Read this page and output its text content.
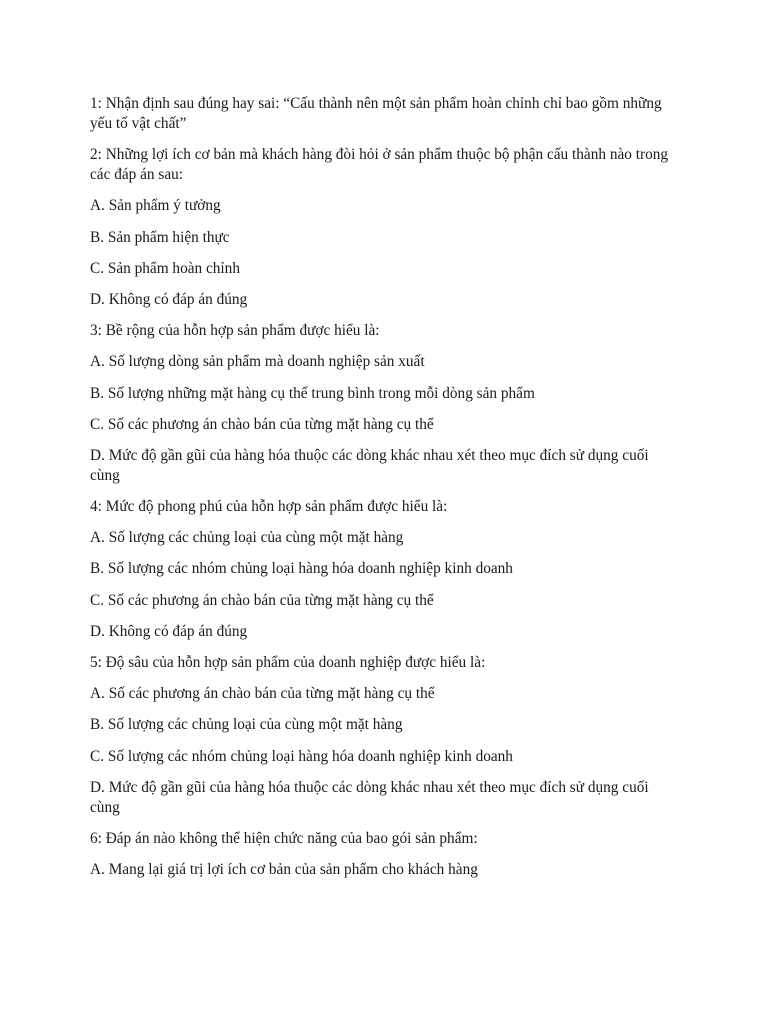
1: Nhận định sau đúng hay sai: “Cấu thành nên một sản phẩm hoàn chỉnh chỉ bao gồm những yếu tố vật chất”

2: Những lợi ích cơ bản mà khách hàng đòi hỏi ở sản phẩm thuộc bộ phận cấu thành nào trong các đáp án sau:

A. Sản phẩm ý tưởng

B. Sản phẩm hiện thực

C. Sản phẩm hoàn chỉnh

D. Không có đáp án đúng

3: Bề rộng của hỗn hợp sản phẩm được hiểu là:

A. Số lượng dòng sản phẩm mà doanh nghiệp sản xuất

B. Số lượng những mặt hàng cụ thể trung bình trong mỗi dòng sản phẩm

C. Số các phương án chào bán của từng mặt hàng cụ thể

D. Mức độ gần gũi của hàng hóa thuộc các dòng khác nhau xét theo mục đích sử dụng cuối cùng

4: Mức độ phong phú của hỗn hợp sản phẩm được hiểu là:

A. Số lượng các chủng loại của cùng một mặt hàng

B. Số lượng các nhóm chủng loại hàng hóa doanh nghiệp kinh doanh

C. Số các phương án chào bán của từng mặt hàng cụ thể

D. Không có đáp án đúng

5: Độ sâu của hỗn hợp sản phẩm của doanh nghiệp được hiểu là:

A. Số các phương án chào bán của từng mặt hàng cụ thể

B. Số lượng các chủng loại của cùng một mặt hàng

C. Số lượng các nhóm chủng loại hàng hóa doanh nghiệp kinh doanh

D. Mức độ gần gũi của hàng hóa thuộc các dòng khác nhau xét theo mục đích sử dụng cuối cùng

6: Đáp án nào không thể hiện chức năng của bao gói sản phẩm:

A. Mang lại giá trị lợi ích cơ bản của sản phẩm cho khách hàng
